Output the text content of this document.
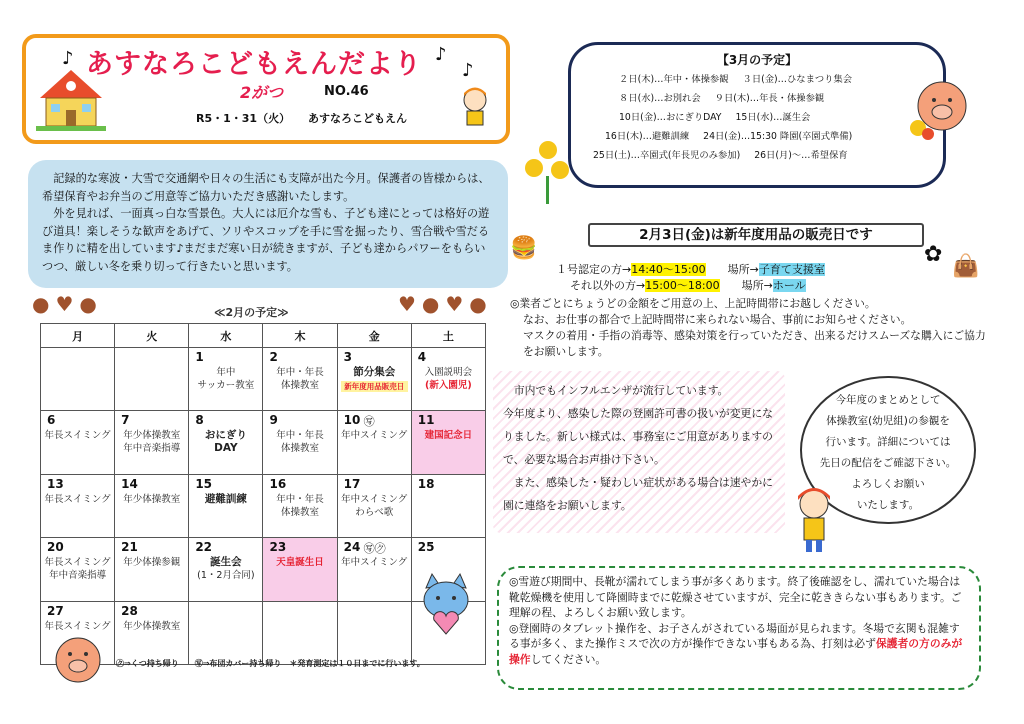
♪	♪
♪
あすなろこどもえんだより
2がつ	NO.46
R5・1・31（火） あすなろこどもえん

記録的な寒波・大雪で交通網や日々の生活にも支障が出た今月。保護者の皆様からは、希望保育やお弁当のご用意等ご協力いただき感謝いたします。

外を見れば、一面真っ白な雪景色。大人には厄介な雪も、子ども達にとっては格好の遊び道具！楽しそうな歓声をあげて、ソリやスコップを手に雪を掘ったり、雪合戦や雪だるま作りに精を出しています♪まだまだ寒い日が続きますが、子ども達からパワーをもらいつつ、厳しい冬を乗り切って行きたいと思います。

●♥●	♥●♥●
≪2月の予定≫
月	火	水	木	金	土

		1
年中
サッカー教室	2
年中・年長
体操教室	3
節分集会
新年度用品販売日	4
入園説明会
(新入園児)

6
年長スイミング	7
年少体操教室
年中音楽指導	8
おにぎり
DAY	9
年中・年長
体操教室	10 ㊢
年中スイミング	11
建国記念日

13
年長スイミング	14
年少体操教室	15
避難訓練	16
年中・年長
体操教室	17
年中スイミング
わらべ歌	18

20
年長スイミング
年中音楽指導	21
年少体操参観	22
誕生会
(1・2月合同)	23
天皇誕生日	24 ㊢㋗
年中スイミング	25

27
年長スイミング	28
年少体操教室				

㋗⇒くつ持ち帰り　　㊢⇒布団カバー持ち帰り　＊発育測定は１０日までに行います。
【3月の予定】
２日(木)…年中・体操参観 ３日(金)…ひなまつり集会
８日(水)…お別れ会 ９日(木)…年長・体操参観
10日(金)…おにぎりDAY 15日(水)…誕生会
16日(木)…避難訓練 24日(金)…15:30 降園(卒園式準備)
25日(土)…卒園式(年長児のみ参加) 26日(月)～…希望保育
2月3日(金)は新年度用品の販売日です
🍔	✿ 👜
１号認定の方→14:40～15:00 場所→子育て支援室
それ以外の方→15:00～18:00 場所→ホール

◎業者ごとにちょうどの金額をご用意の上、上記時間帯にお越しください。

なお、お仕事の都合で上記時間帯に来られない場合、事前にお知らせください。

マスクの着用・手指の消毒等、感染対策を行っていただき、出来るだけスムーズな購入にご協力をお願いします。

市内でもインフルエンザが流行しています。

今年度より、感染した際の登園許可書の扱いが変更になりました。新しい様式は、事務室にご用意がありますので、必要な場合お声掛け下さい。

また、感染した・疑わしい症状がある場合は速やかに園に連絡をお願いします。

今年度のまとめとして
体操教室(幼児組)の参観を
行います。詳細については
先日の配信をご確認下さい。
よろしくお願い
いたします。

◎雪遊び期間中、長靴が濡れてしまう事が多くあります。終了後確認をし、濡れていた場合は靴乾燥機を使用して降園時までに乾燥させていますが、完全に乾ききらない事もあります。ご理解の程、よろしくお願い致します。

◎登園時のタブレット操作を、お子さんがされている場面が見られます。冬場で玄関も混雑する事が多く、また操作ミスで次の方が操作できない事もある為、打刻は必ず保護者の方のみが操作してください。
